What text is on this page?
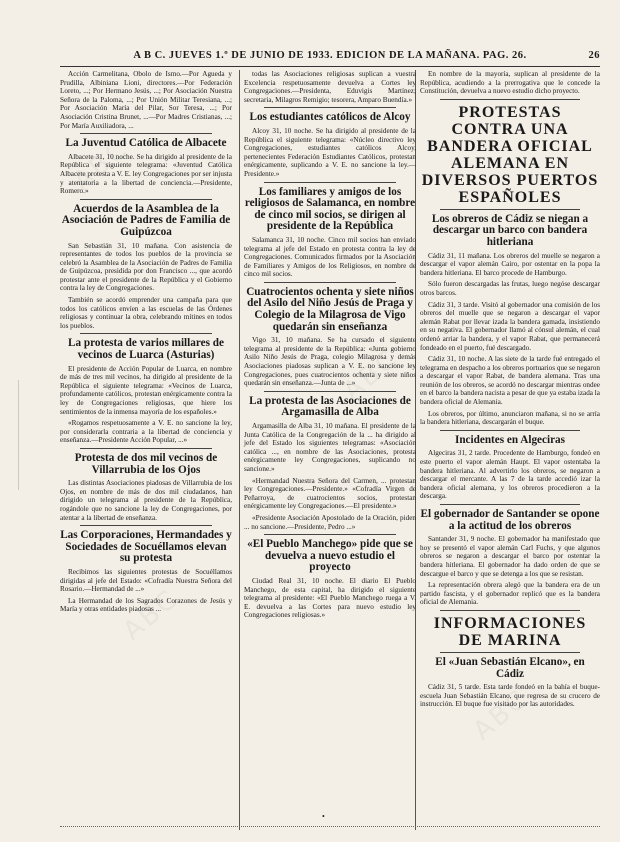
A B C. JUEVES 1.º DE JUNIO DE 1933. EDICION DE LA MAÑANA. PAG. 26.	26

Acción Carmelitana, Obolo de Ismo.—Por Agueda y Prudilla, Albiniana Lioni, directores.—Por Federación Loreto, ...; Por Hermano Jesús, ...; Por Asociación Nuestra Señora de la Paloma, ...; Por Unión Militar Teresiana, ...; Por Asociación María del Pilar, Sor Teresa, ...; Por Asociación Cristina Brunet, ...—Por Madres Cristianas, ...; Por María Auxiliadora, ...

La Juventud Católica de Albacete

Albacete 31, 10 noche. Se ha dirigido al presidente de la República el siguiente telegrama: «Juventud Católica Albacete protesta a V. E. ley Congregaciones por ser injusta y atentatoria a la libertad de conciencia.—Presidente, Romero.»

Acuerdos de la Asamblea de la Asociación de Padres de Familia de Guipúzcoa

San Sebastián 31, 10 mañana. Con asistencia de representantes de todos los pueblos de la provincia se celebró la Asamblea de la Asociación de Padres de Familia de Guipúzcoa, presidida por don Francisco ..., que acordó protestar ante el presidente de la República y el Gobierno contra la ley de Congregaciones.

También se acordó emprender una campaña para que todos los católicos envíen a las escuelas de las Órdenes religiosas y continuar la obra, celebrando mítines en todos los pueblos.

La protesta de varios millares de vecinos de Luarca (Asturias)

El presidente de Acción Popular de Luarca, en nombre de más de tres mil vecinos, ha dirigido al presidente de la República el siguiente telegrama: «Vecinos de Luarca, profundamente católicos, protestan enérgicamente contra la ley de Congregaciones religiosas, que hiere los sentimientos de la inmensa mayoría de los españoles.»

«Rogamos respetuosamente a V. E. no sancione la ley, por considerarla contraria a la libertad de conciencia y enseñanza.—Presidente Acción Popular, ...»

Protesta de dos mil vecinos de Villarrubia de los Ojos

Las distintas Asociaciones piadosas de Villarrubia de los Ojos, en nombre de más de dos mil ciudadanos, han dirigido un telegrama al presidente de la República, rogándole que no sancione la ley de Congregaciones, por atentar a la libertad de enseñanza.

Las Corporaciones, Hermandades y Sociedades de Socuéllamos elevan su protesta

Recibimos las siguientes protestas de Socuéllamos dirigidas al jefe del Estado: «Cofradía Nuestra Señora del Rosario.—Hermandad de ...»

La Hermandad de los Sagrados Corazones de Jesús y María y otras entidades piadosas ...

todas las Asociaciones religiosas suplican a vuestra Excelencia respetuosamente devuelva a Cortes ley Congregaciones.—Presidenta, Eduvigis Martínez; secretaria, Milagros Remigio; tesorera, Amparo Buendía.»

Los estudiantes católicos de Alcoy

Alcoy 31, 10 noche. Se ha dirigido al presidente de la República el siguiente telegrama: «Núcleo directivo ley Congregaciones, estudiantes católicos Alcoy, pertenecientes Federación Estudiantes Católicos, protestan enérgicamente, suplicando a V. E. no sancione la ley.—Presidente.»

Los familiares y amigos de los religiosos de Salamanca, en nombre de cinco mil socios, se dirigen al presidente de la República

Salamanca 31, 10 noche. Cinco mil socios han enviado telegrama al jefe del Estado en protesta contra la ley de Congregaciones. Comunicados firmados por la Asociación de Familiares y Amigos de los Religiosos, en nombre de cinco mil socios.

Cuatrocientos ochenta y siete niños del Asilo del Niño Jesús de Praga y Colegio de la Milagrosa de Vigo quedarán sin enseñanza

Vigo 31, 10 mañana. Se ha cursado el siguiente telegrama al presidente de la República: «Junta gobierno Asilo Niño Jesús de Praga, colegio Milagrosa y demás Asociaciones piadosas suplican a V. E. no sancione ley Congregaciones, pues cuatrocientos ochenta y siete niños quedarán sin enseñanza.—Junta de ...»

La protesta de las Asociaciones de Argamasilla de Alba

Argamasilla de Alba 31, 10 mañana. El presidente de la Junta Católica de la Congregación de la ... ha dirigido al jefe del Estado los siguientes telegramas: «Asociación católica ..., en nombre de las Asociaciones, protesta enérgicamente ley Congregaciones, suplicando no sancione.»

«Hermandad Nuestra Señora del Carmen, ... protestan ley Congregaciones.—Presidente.» «Cofradía Virgen de Peñarroya, de cuatrocientos socios, protestan enérgicamente ley Congregaciones.—El presidente.»

«Presidente Asociación Apostolado de la Oración, piden ... no sancione.—Presidente, Pedro ...»

«El Pueblo Manchego» pide que se devuelva a nuevo estudio el proyecto

Ciudad Real 31, 10 noche. El diario El Pueblo Manchego, de esta capital, ha dirigido el siguiente telegrama al presidente: «El Pueblo Manchego ruega a V. E. devuelva a las Cortes para nuevo estudio ley Congregaciones religiosas.»

En nombre de la mayoría, suplican al presidente de la República, acudiendo a la prerrogativa que le concede la Constitución, devuelva a nuevo estudio dicho proyecto.

PROTESTAS CONTRA UNA BANDERA OFICIAL ALEMANA EN DIVERSOS PUERTOS ESPAÑOLES
Los obreros de Cádiz se niegan a descargar un barco con bandera hitleriana

Cádiz 31, 11 mañana. Los obreros del muelle se negaron a descargar el vapor alemán Cairo, por ostentar en la popa la bandera hitleriana. El barco procede de Hamburgo.

Sólo fueron descargadas las frutas, luego negóse descargar otros barcos.

Cádiz 31, 3 tarde. Visitó al gobernador una comisión de los obreros del muelle que se negaron a descargar el vapor alemán Rabat por llevar izada la bandera gamada, insistiendo en su negativa. El gobernador llamó al cónsul alemán, el cual ordenó arriar la bandera, y el vapor Rabat, que permanecerá fondeado en el puerto, fué descargado.

Cádiz 31, 10 noche. A las siete de la tarde fué entregado el telegrama en despacho a los obreros portuarios que se negaron a descargar el vapor Rabat, de bandera alemana. Tras una reunión de los obreros, se acordó no descargar mientras ondee en el barco la bandera nacista a pesar de que ya estaba izada la bandera oficial de Alemania.

Los obreros, por último, anunciaron mañana, si no se arría la bandera hitleriana, descargarán el buque.

Incidentes en Algeciras

Algeciras 31, 2 tarde. Procedente de Hamburgo, fondeó en este puerto el vapor alemán Haupt. El vapor ostentaba la bandera hitleriana. Al advertirlo los obreros, se negaron a descargar el mercante. A las 7 de la tarde accedió izar la bandera oficial alemana, y los obreros procedieron a la descarga.

El gobernador de Santander se opone a la actitud de los obreros

Santander 31, 9 noche. El gobernador ha manifestado que hoy se presentó el vapor alemán Carl Fuchs, y que algunos obreros se negaron a descargar el barco por ostentar la bandera hitleriana. El gobernador ha dado orden de que se descargue el barco y que se detenga a los que se resistan.

La representación obrera alegó que la bandera era de un partido fascista, y el gobernador replicó que es la bandera oficial de Alemania.

INFORMACIONES DE MARINA
El «Juan Sebastián Elcano», en Cádiz

Cádiz 31, 5 tarde. Esta tarde fondeó en la bahía el buque-escuela Juan Sebastián Elcano, que regresa de su crucero de instrucción. El buque fue visitado por las autoridades.

•
